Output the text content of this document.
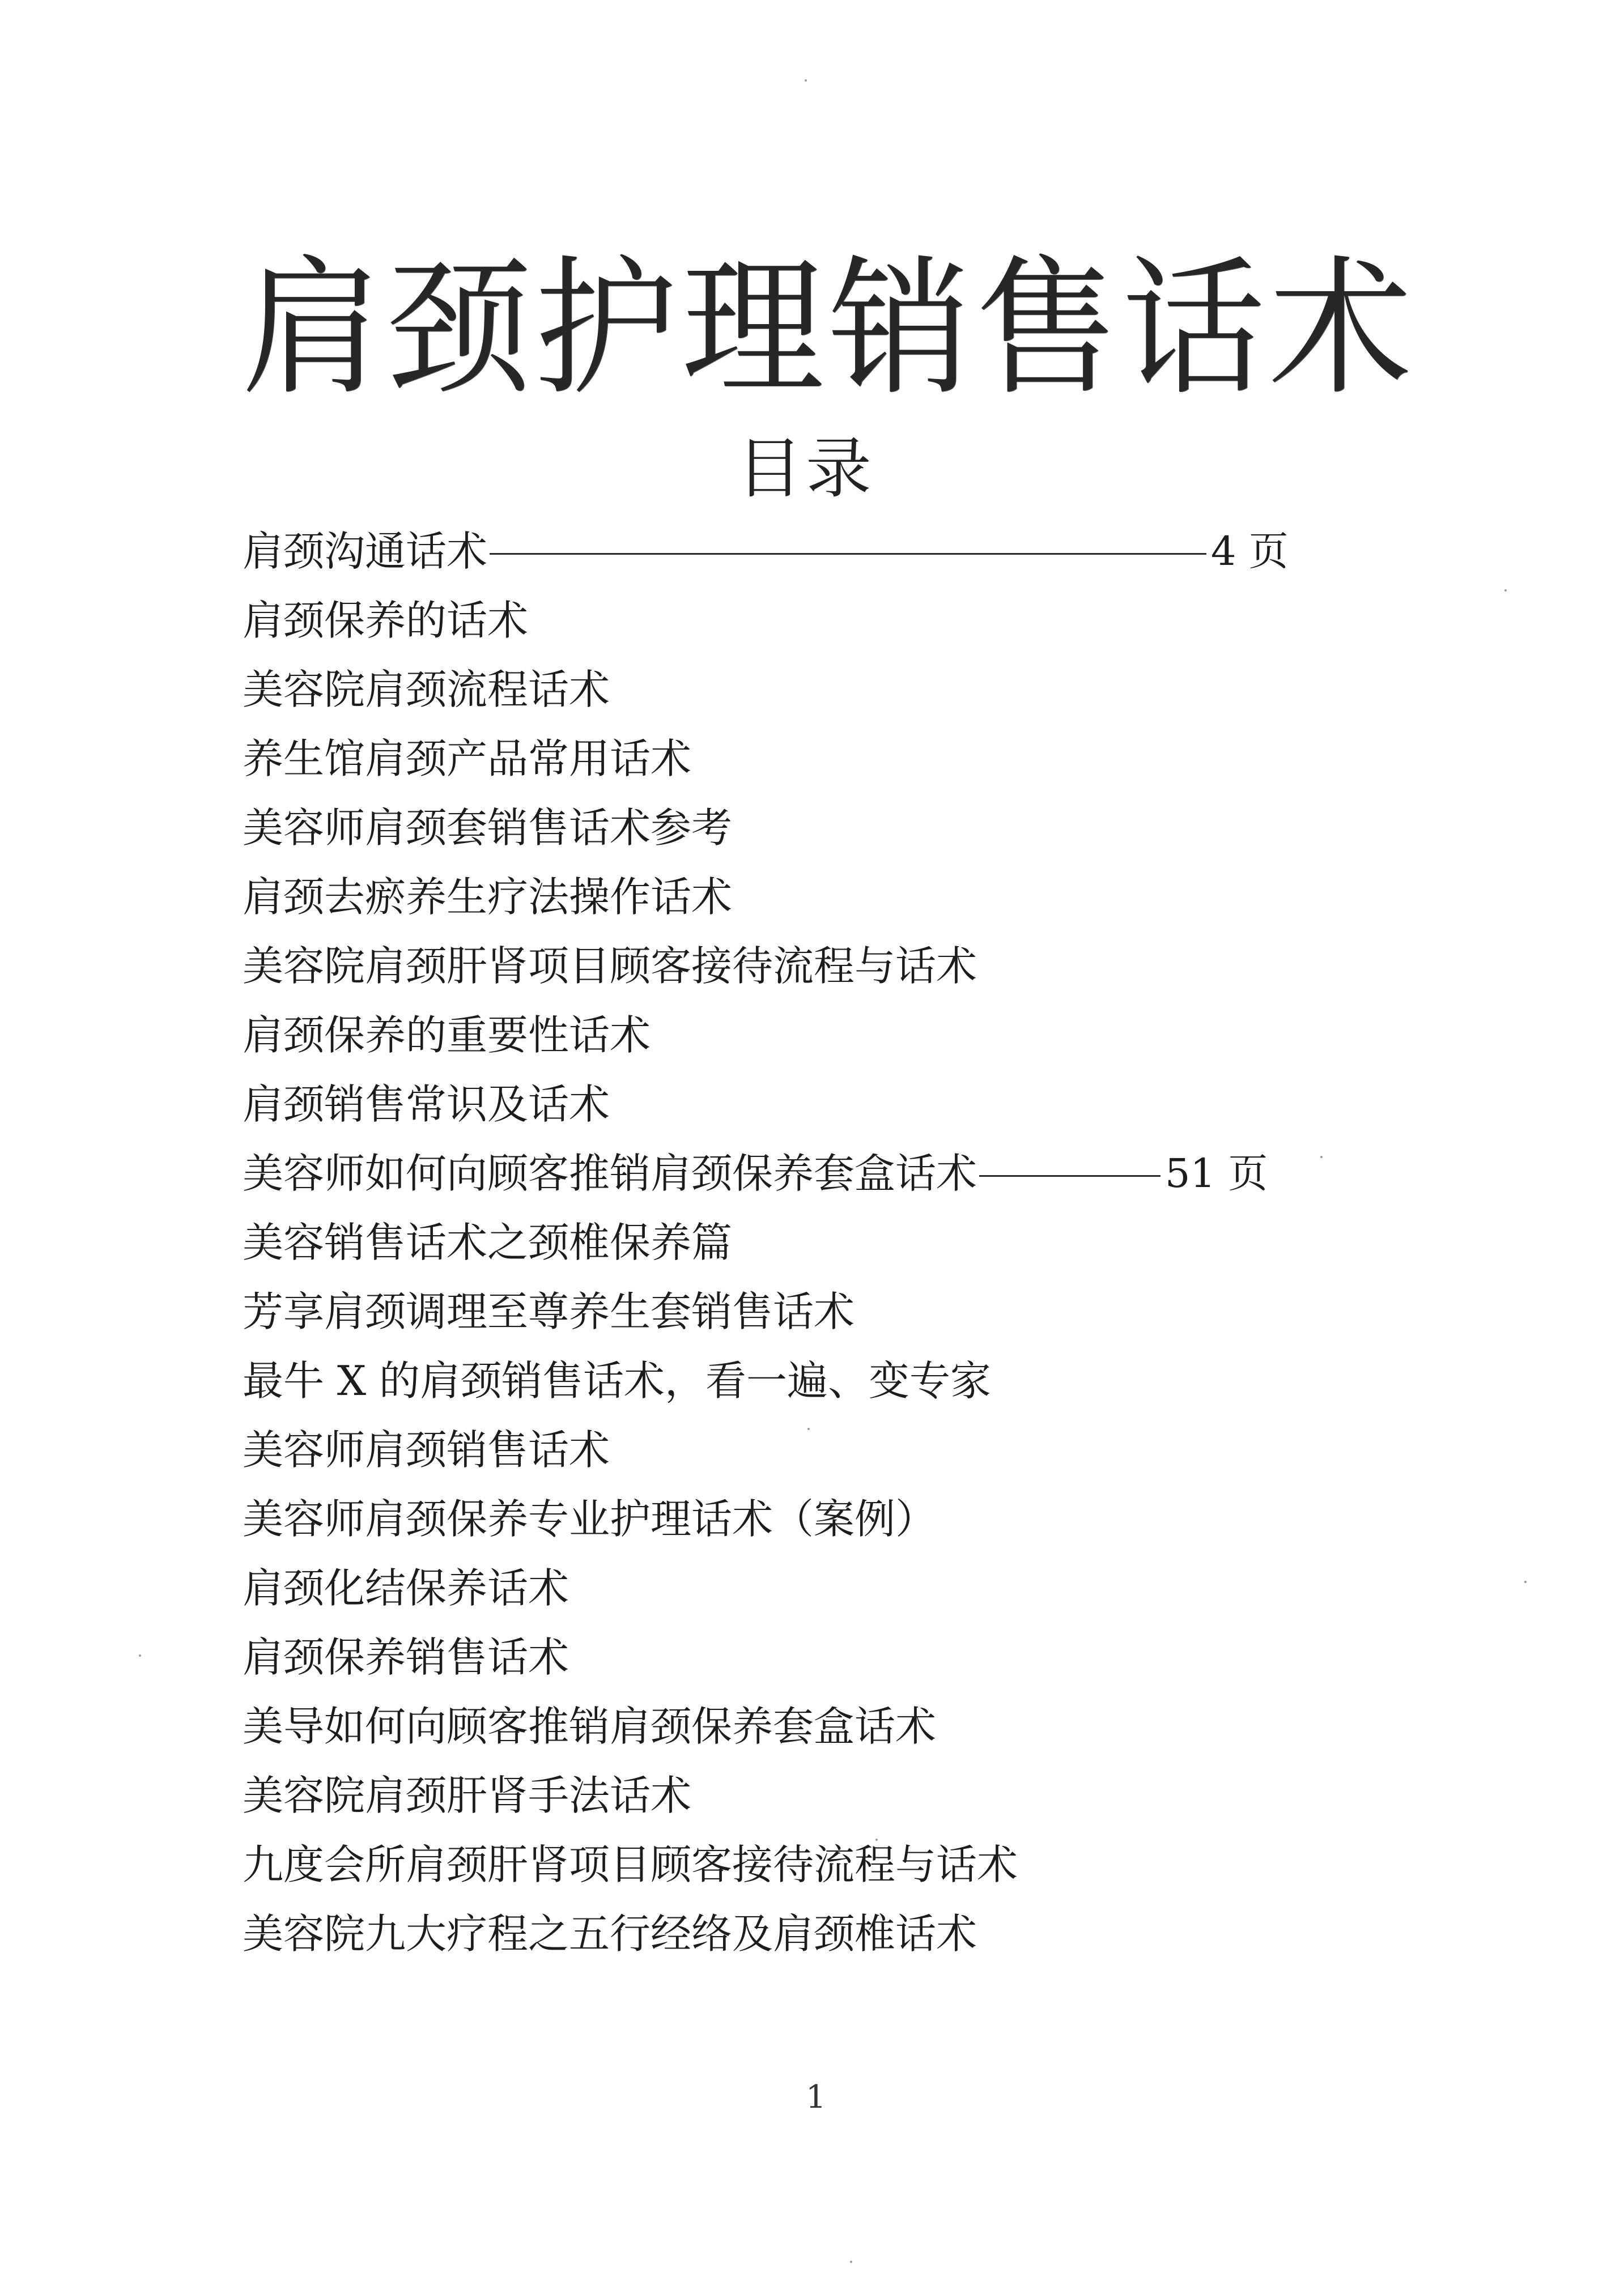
肩颈护理销售话术
目录
肩颈沟通话术	4 页
肩颈保养的话术
美容院肩颈流程话术
养生馆肩颈产品常用话术
美容师肩颈套销售话术参考
肩颈去瘀养生疗法操作话术
美容院肩颈肝肾项目顾客接待流程与话术
肩颈保养的重要性话术
肩颈销售常识及话术
美容师如何向顾客推销肩颈保养套盒话术	51 页
美容销售话术之颈椎保养篇
芳享肩颈调理至尊养生套销售话术
最牛 X 的肩颈销售话术，看一遍、变专家
美容师肩颈销售话术
美容师肩颈保养专业护理话术（案例）
肩颈化结保养话术
肩颈保养销售话术
美导如何向顾客推销肩颈保养套盒话术
美容院肩颈肝肾手法话术
九度会所肩颈肝肾项目顾客接待流程与话术
美容院九大疗程之五行经络及肩颈椎话术
1
